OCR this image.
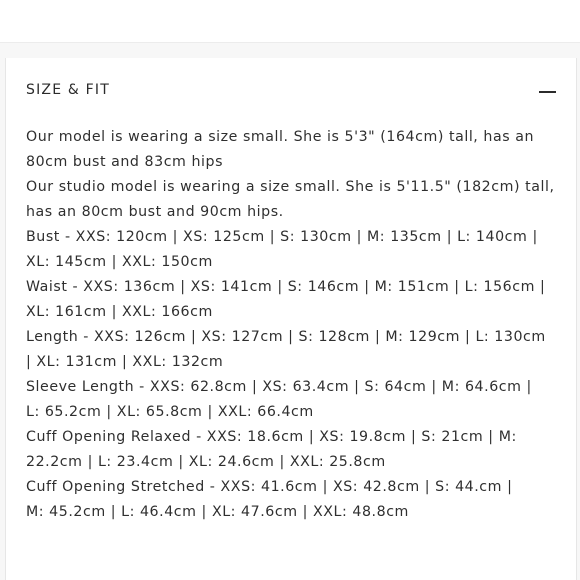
SIZE & FIT
Our model is wearing a size small. She is 5'3" (164cm) tall, has an
80cm bust and 83cm hips
Our studio model is wearing a size small. She is 5'11.5" (182cm) tall,
has an 80cm bust and 90cm hips.
Bust - XXS: 120cm | XS: 125cm | S: 130cm | M: 135cm | L: 140cm |
XL: 145cm | XXL: 150cm
Waist - XXS: 136cm | XS: 141cm | S: 146cm | M: 151cm | L: 156cm |
XL: 161cm | XXL: 166cm
Length - XXS: 126cm | XS: 127cm | S: 128cm | M: 129cm | L: 130cm
| XL: 131cm | XXL: 132cm
Sleeve Length - XXS: 62.8cm | XS: 63.4cm | S: 64cm | M: 64.6cm |
L: 65.2cm | XL: 65.8cm | XXL: 66.4cm
Cuff Opening Relaxed - XXS: 18.6cm | XS: 19.8cm | S: 21cm | M:
22.2cm | L: 23.4cm | XL: 24.6cm | XXL: 25.8cm
Cuff Opening Stretched - XXS: 41.6cm | XS: 42.8cm | S: 44.cm |
M: 45.2cm | L: 46.4cm | XL: 47.6cm | XXL: 48.8cm
